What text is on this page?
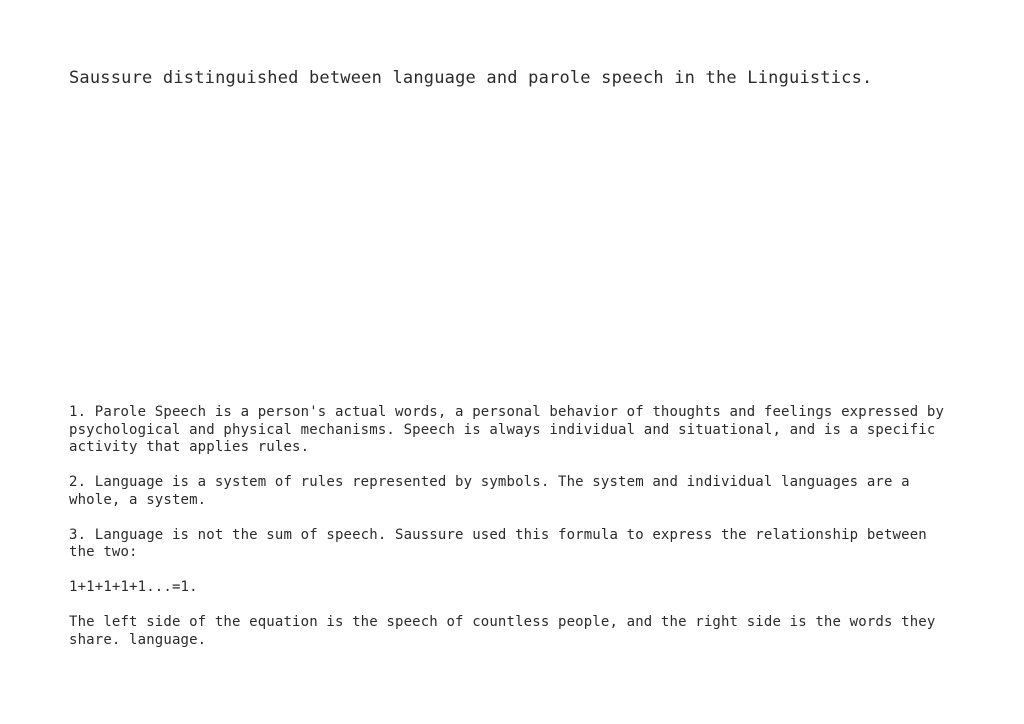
Saussure distinguished between language and parole speech in the Linguistics.

1. Parole Speech is a person's actual words, a personal behavior of thoughts and feelings expressed by psychological and physical mechanisms. Speech is always individual and situational, and is a specific activity that applies rules.

2. Language is a system of rules represented by symbols. The system and individual languages are a whole, a system.

3. Language is not the sum of speech. Saussure used this formula to express the relationship between the two:

1+1+1+1+1...=1.

The left side of the equation is the speech of countless people, and the right side is the words they share. language.
